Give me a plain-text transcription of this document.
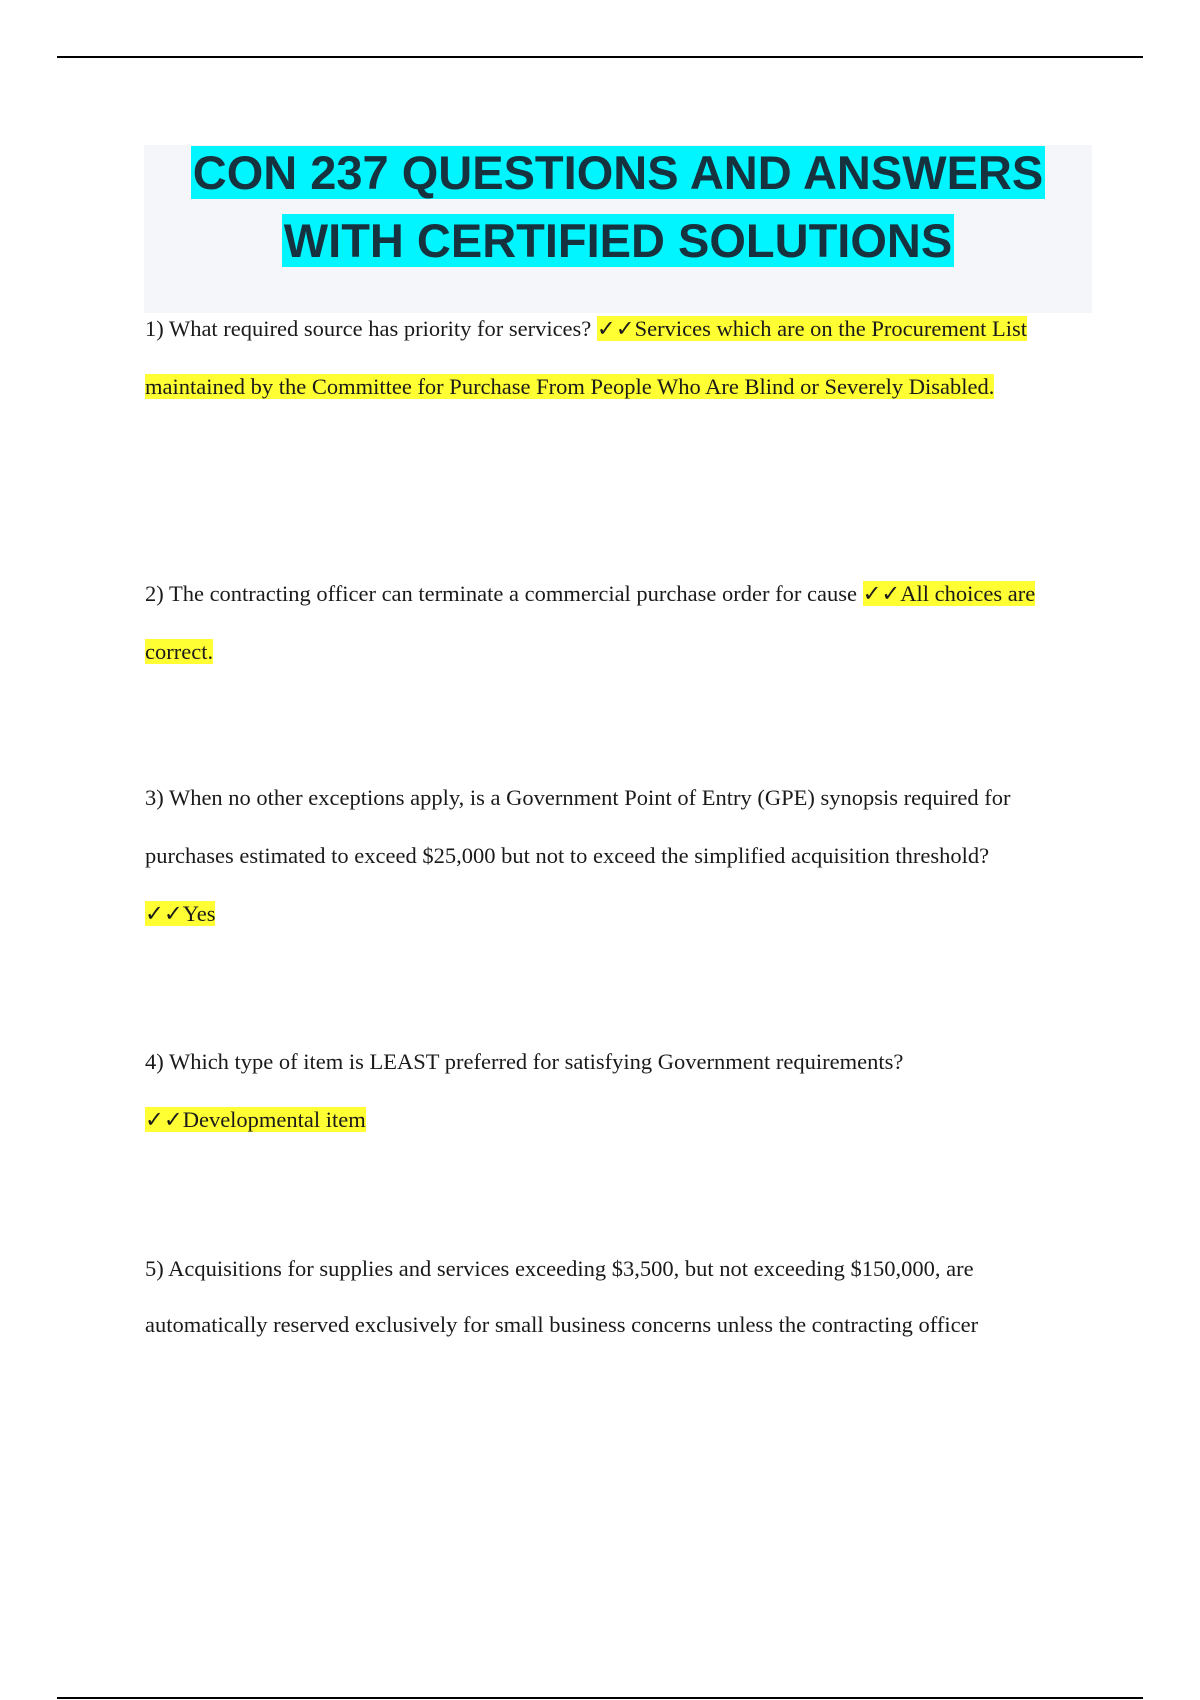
CON 237 QUESTIONS AND ANSWERS
WITH CERTIFIED SOLUTIONS

1) What required source has priority for services? ✓✓Services which are on the Procurement List maintained by the Committee for Purchase From People Who Are Blind or Severely Disabled.

2) The contracting officer can terminate a commercial purchase order for cause ✓✓All choices are correct.

3) When no other exceptions apply, is a Government Point of Entry (GPE) synopsis required for purchases estimated to exceed $25,000 but not to exceed the simplified acquisition threshold?
✓✓Yes

4) Which type of item is LEAST preferred for satisfying Government requirements?
✓✓Developmental item

5) Acquisitions for supplies and services exceeding $3,500, but not exceeding $150,000, are automatically reserved exclusively for small business concerns unless the contracting officer
